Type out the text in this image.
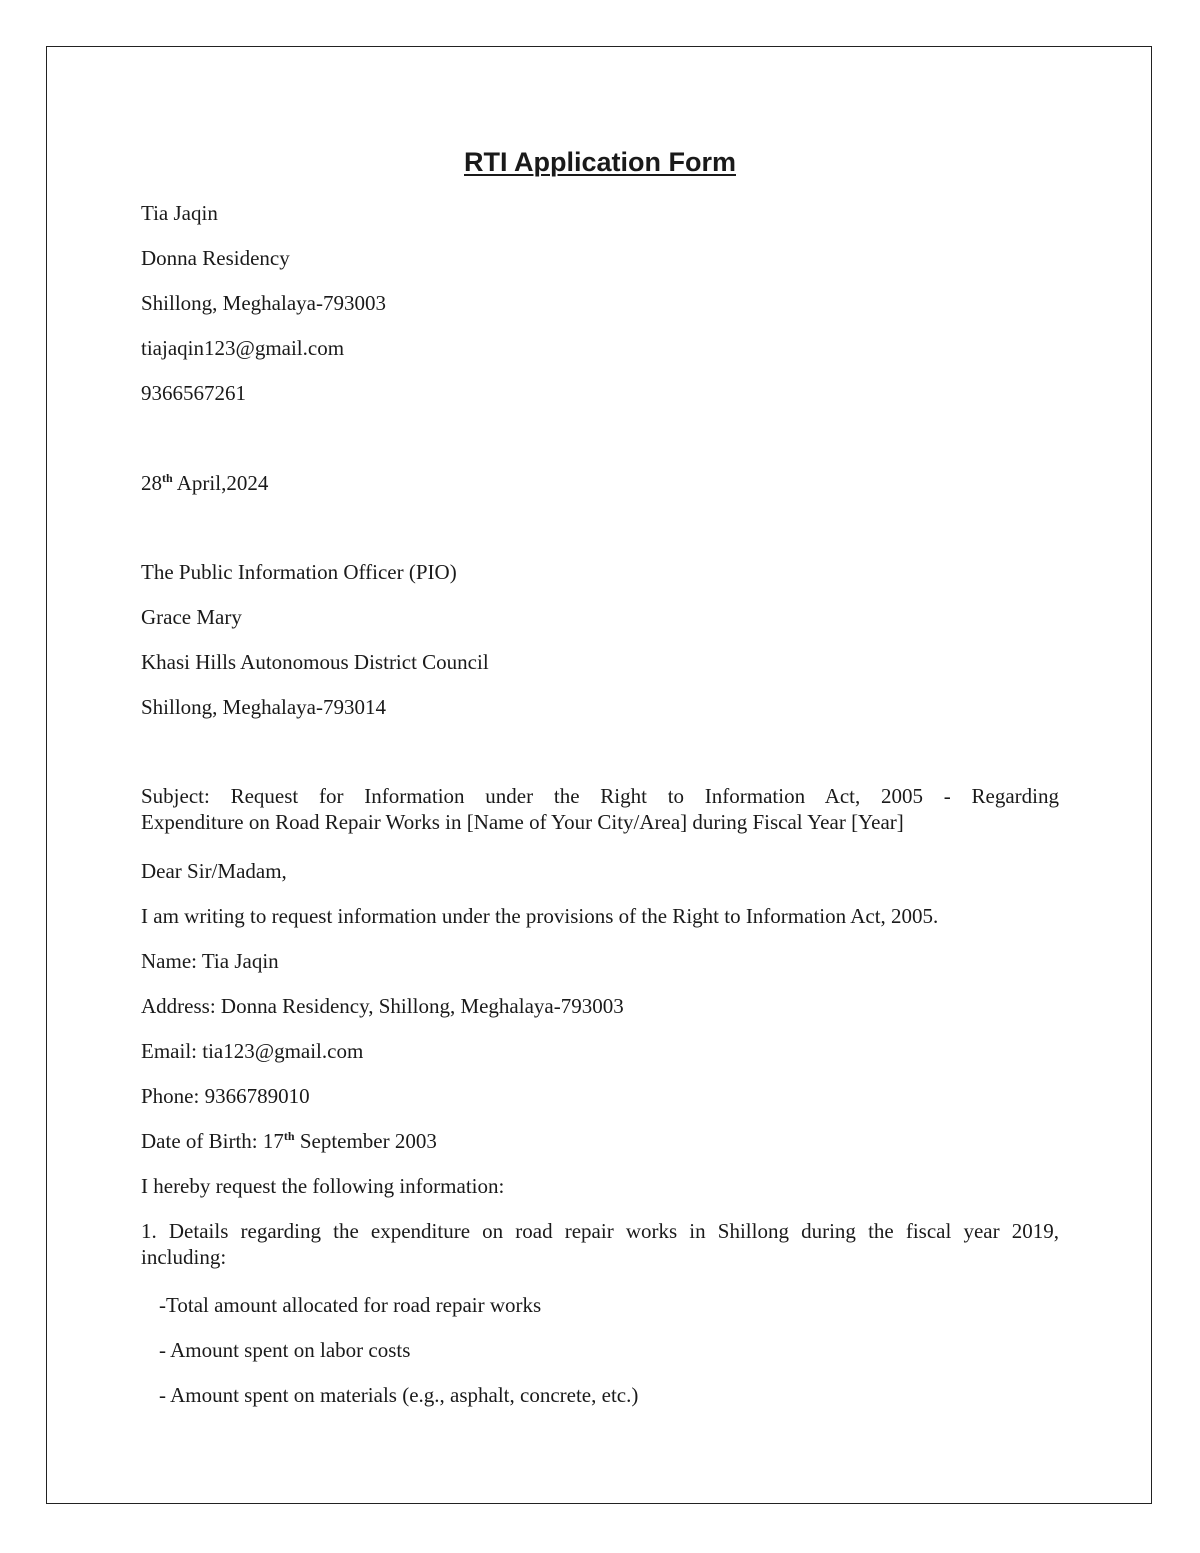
RTI Application Form
Tia Jaqin
Donna Residency
Shillong, Meghalaya-793003
tiajaqin123@gmail.com
9366567261
28th April,2024
The Public Information Officer (PIO)
Grace Mary
Khasi Hills Autonomous District Council
Shillong, Meghalaya-793014
Subject: Request for Information under the Right to Information Act, 2005 - Regarding
Expenditure on Road Repair Works in [Name of Your City/Area] during Fiscal Year [Year]
Dear Sir/Madam,
I am writing to request information under the provisions of the Right to Information Act, 2005.
Name: Tia Jaqin
Address: Donna Residency, Shillong, Meghalaya-793003
Email: tia123@gmail.com
Phone: 9366789010
Date of Birth: 17th September 2003
I hereby request the following information:
1. Details regarding the expenditure on road repair works in Shillong during the fiscal year 2019,
including:
-Total amount allocated for road repair works
- Amount spent on labor costs
- Amount spent on materials (e.g., asphalt, concrete, etc.)
